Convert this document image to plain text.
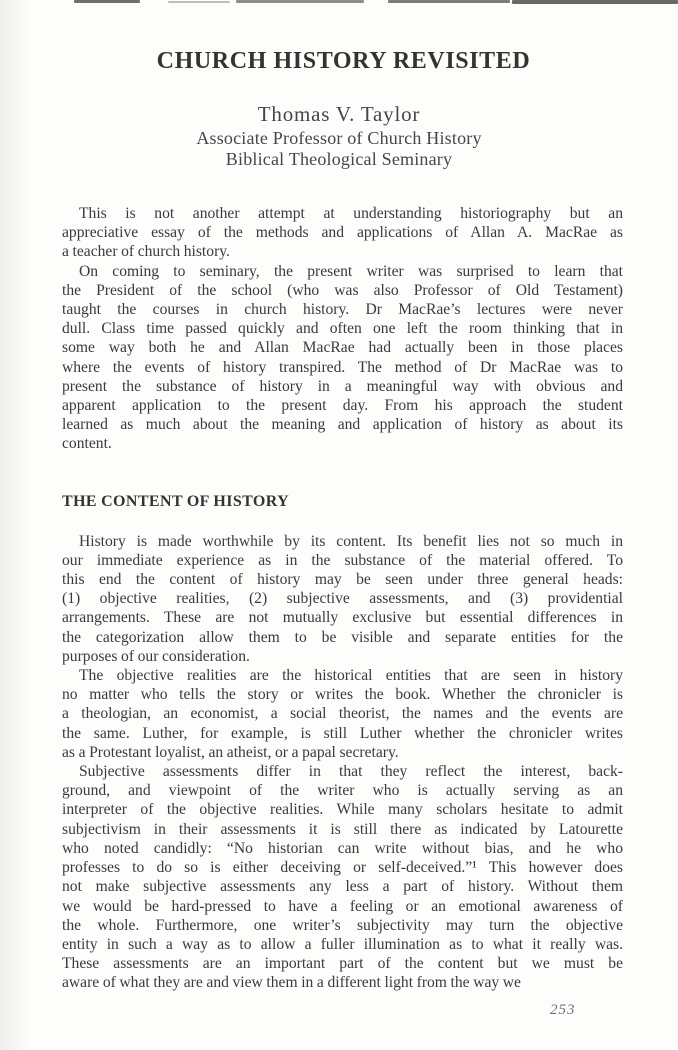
CHURCH HISTORY REVISITED
Thomas V. Taylor
Associate Professor of Church History
Biblical Theological Seminary
This is not another attempt at understanding historiography but an
appreciative essay of the methods and applications of Allan A. MacRae as
a teacher of church history.
On coming to seminary, the present writer was surprised to learn that
the President of the school (who was also Professor of Old Testament)
taught the courses in church history. Dr MacRae’s lectures were never
dull. Class time passed quickly and often one left the room thinking that in
some way both he and Allan MacRae had actually been in those places
where the events of history transpired. The method of Dr MacRae was to
present the substance of history in a meaningful way with obvious and
apparent application to the present day. From his approach the student
learned as much about the meaning and application of history as about its
content.
THE CONTENT OF HISTORY
History is made worthwhile by its content. Its benefit lies not so much in
our immediate experience as in the substance of the material offered. To
this end the content of history may be seen under three general heads:
(1) objective realities, (2) subjective assessments, and (3) providential
arrangements. These are not mutually exclusive but essential differences in
the categorization allow them to be visible and separate entities for the
purposes of our consideration.
The objective realities are the historical entities that are seen in history
no matter who tells the story or writes the book. Whether the chronicler is
a theologian, an economist, a social theorist, the names and the events are
the same. Luther, for example, is still Luther whether the chronicler writes
as a Protestant loyalist, an atheist, or a papal secretary.
Subjective assessments differ in that they reflect the interest, back-
ground, and viewpoint of the writer who is actually serving as an
interpreter of the objective realities. While many scholars hesitate to admit
subjectivism in their assessments it is still there as indicated by Latourette
who noted candidly: “No historian can write without bias, and he who
professes to do so is either deceiving or self-deceived.”¹ This however does
not make subjective assessments any less a part of history. Without them
we would be hard-pressed to have a feeling or an emotional awareness of
the whole. Furthermore, one writer’s subjectivity may turn the objective
entity in such a way as to allow a fuller illumination as to what it really was.
These assessments are an important part of the content but we must be
aware of what they are and view them in a different light from the way we
253
